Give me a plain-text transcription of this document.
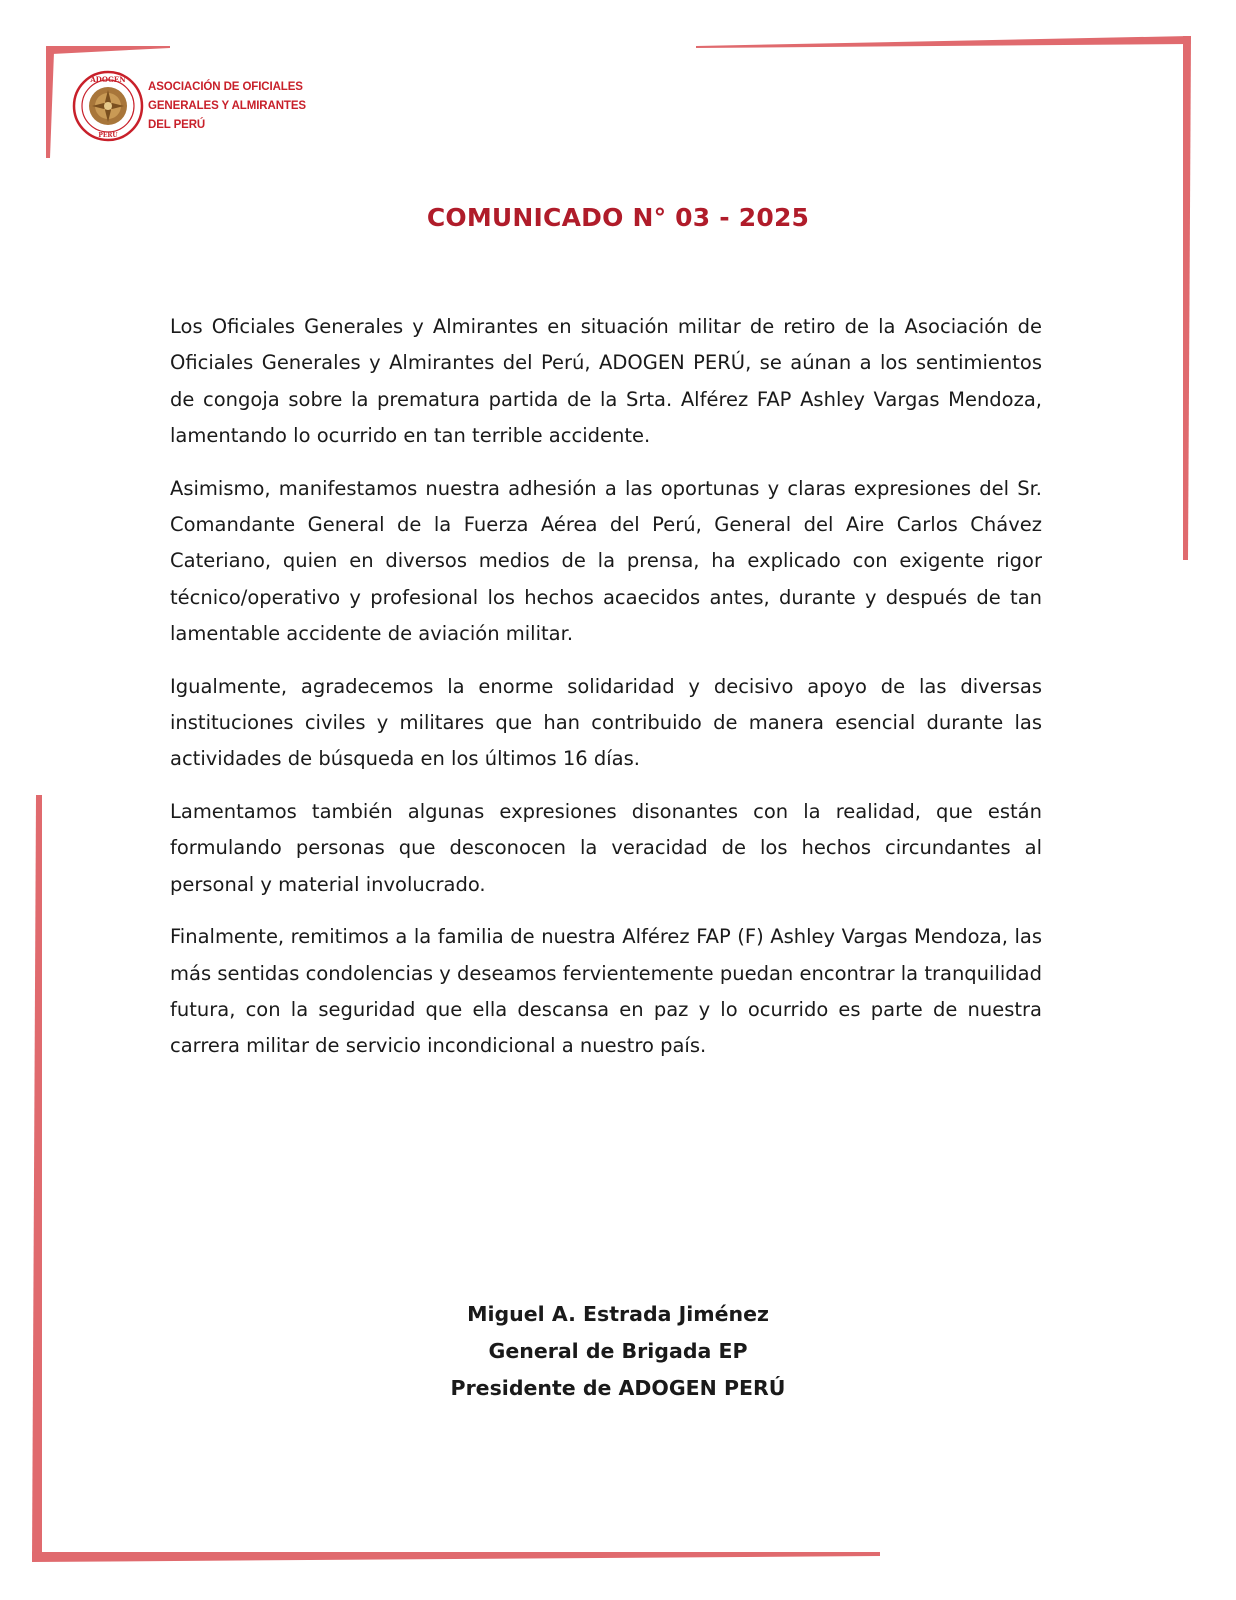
ADOGEN
PERÚ
ASOCIACIÓN DE OFICIALES
GENERALES Y ALMIRANTES
DEL PERÚ
COMUNICADO N° 03 - 2025

Los Oficiales Generales y Almirantes en situación militar de retiro de la Asociación de Oficiales Generales y Almirantes del Perú, ADOGEN PERÚ, se aúnan a los sentimientos de congoja sobre la prematura partida de la Srta. Alférez FAP Ashley Vargas Mendoza, lamentando lo ocurrido en tan terrible accidente.

Asimismo, manifestamos nuestra adhesión a las oportunas y claras expresiones del Sr. Comandante General de la Fuerza Aérea del Perú, General del Aire Carlos Chávez Cateriano, quien en diversos medios de la prensa, ha explicado con exigente rigor técnico/operativo y profesional los hechos acaecidos antes, durante y después de tan lamentable accidente de aviación militar.

Igualmente, agradecemos la enorme solidaridad y decisivo apoyo de las diversas instituciones civiles y militares que han contribuido de manera esencial durante las actividades de búsqueda en los últimos 16 días.

Lamentamos también algunas expresiones disonantes con la realidad, que están formulando personas que desconocen la veracidad de los hechos circundantes al personal y material involucrado.

Finalmente, remitimos a la familia de nuestra Alférez FAP (F) Ashley Vargas Mendoza, las más sentidas condolencias y deseamos fervientemente puedan encontrar la tranquilidad futura, con la seguridad que ella descansa en paz y lo ocurrido es parte de nuestra carrera militar de servicio incondicional a nuestro país.

Miguel A. Estrada Jiménez
General de Brigada EP
Presidente de ADOGEN PERÚ
